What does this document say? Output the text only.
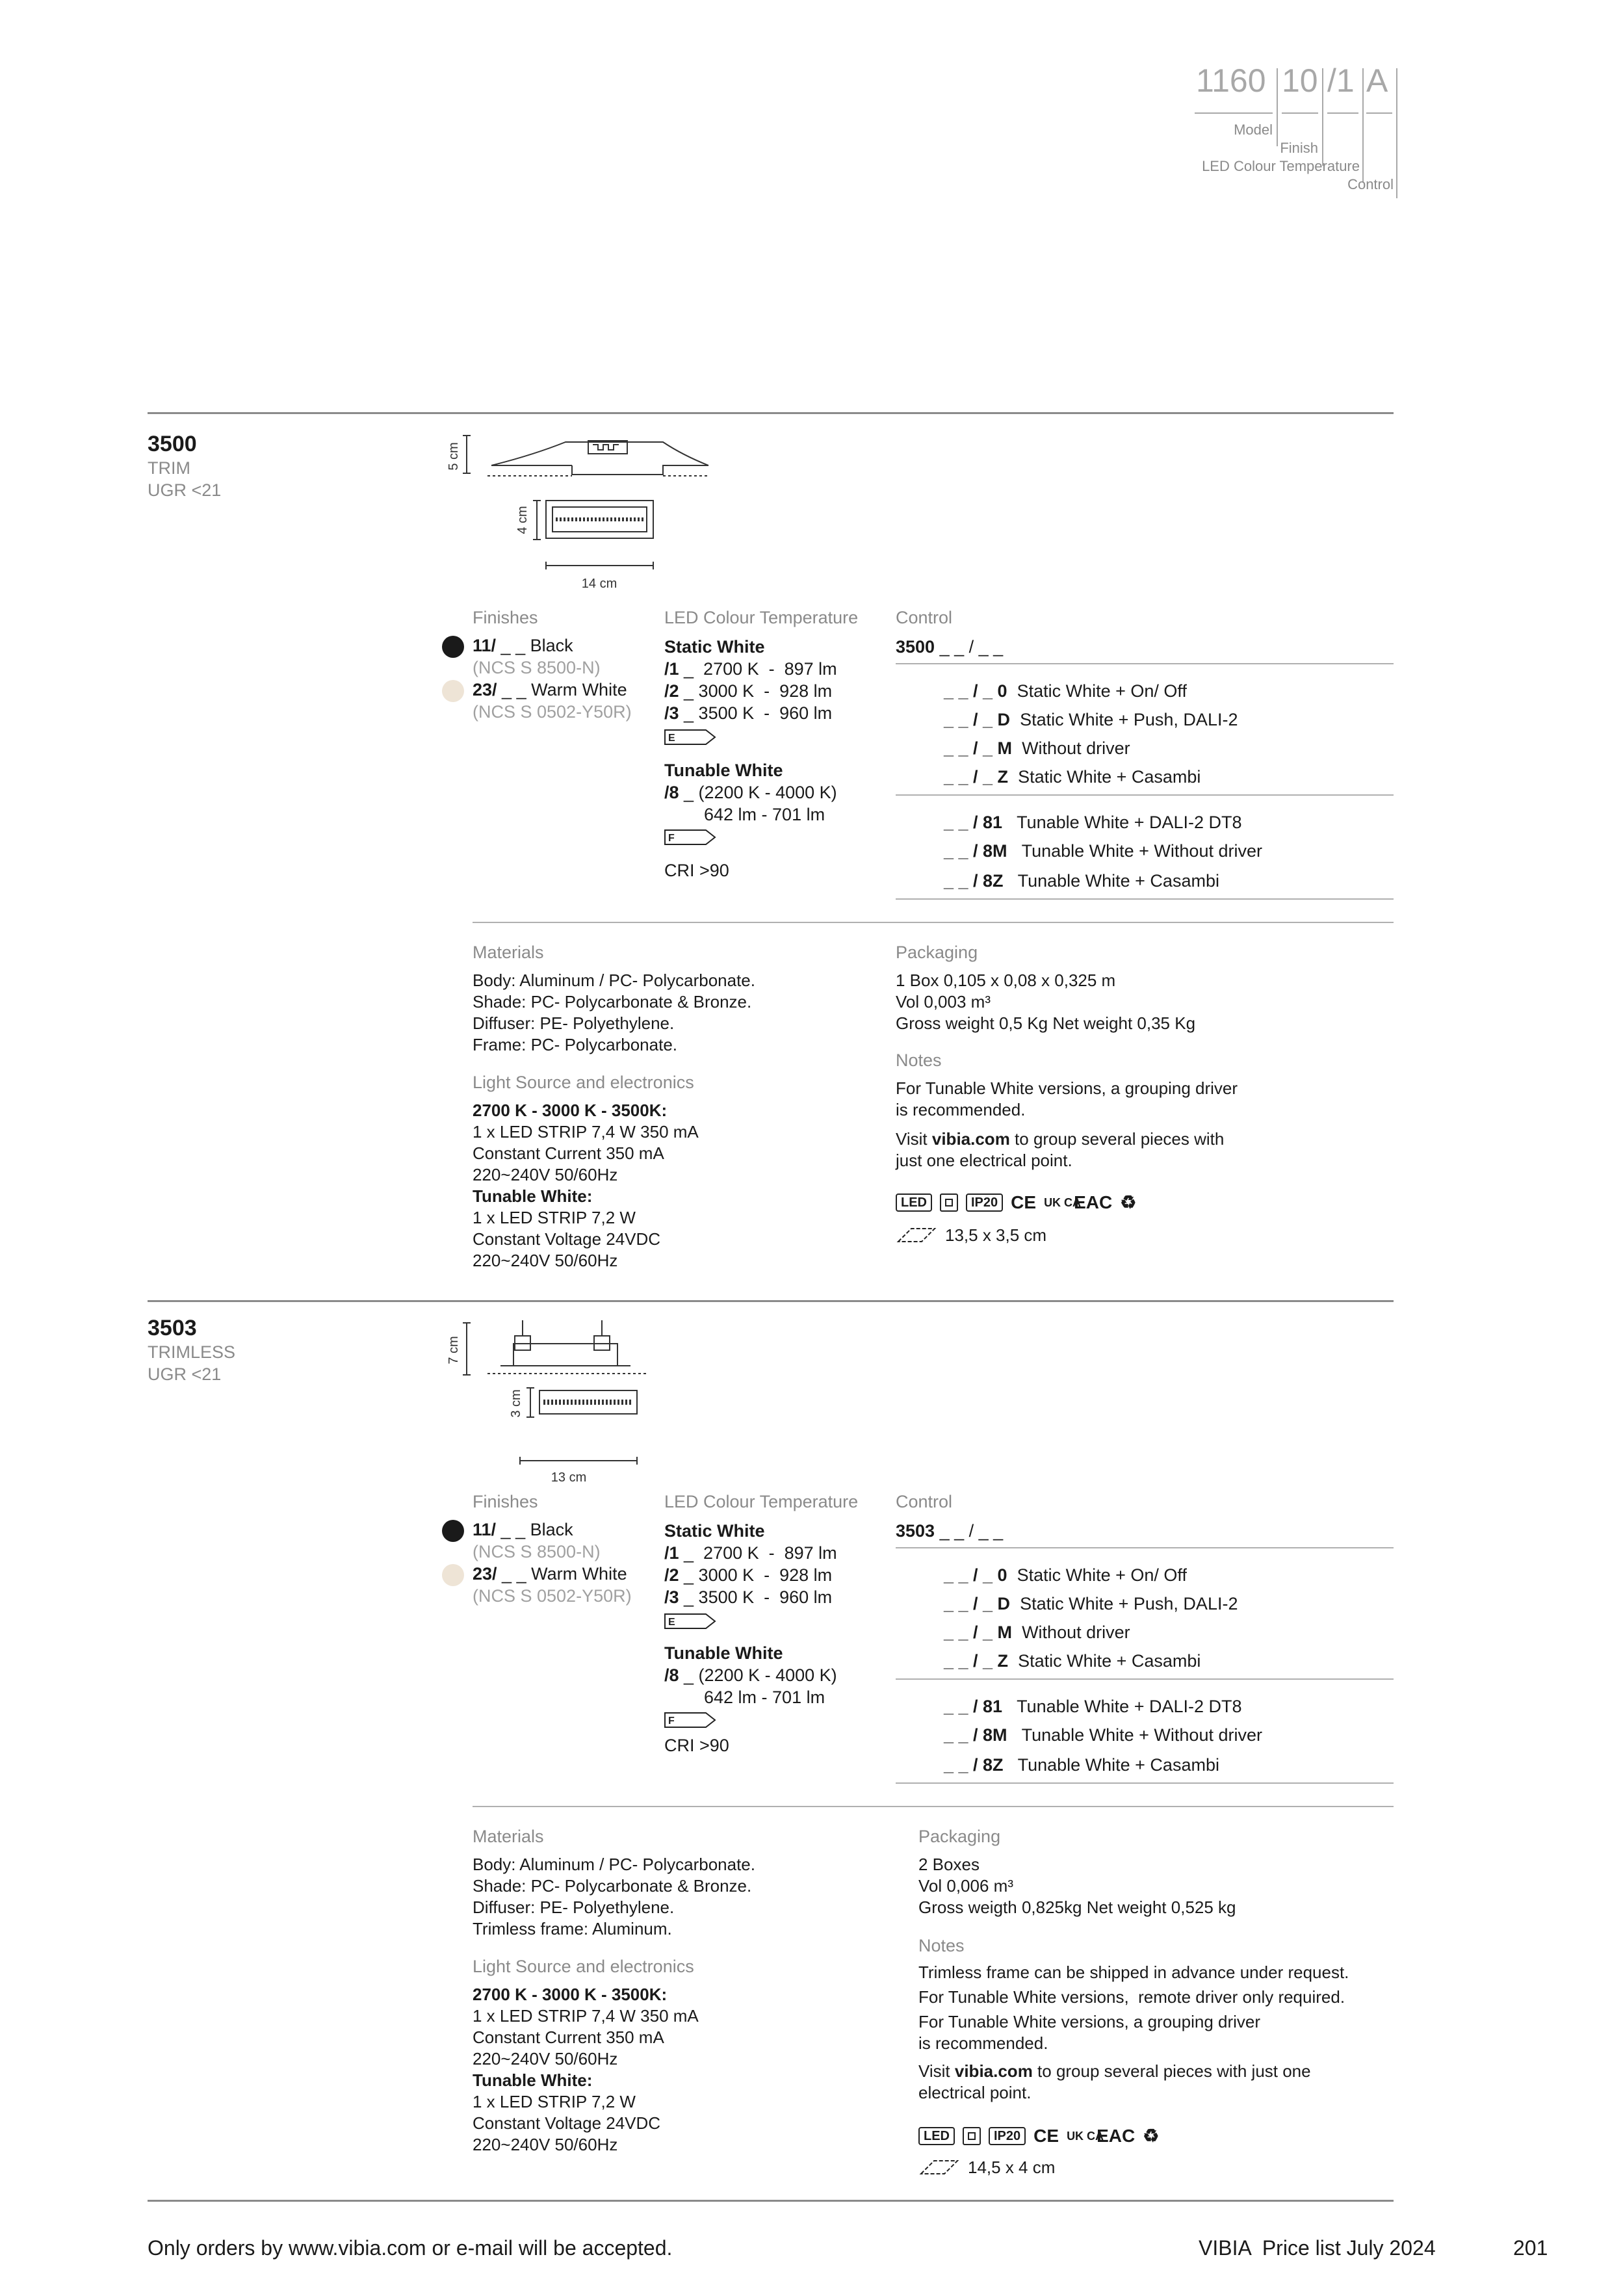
1160 10 /1 A
Model
Finish
LED Colour Temperature
Control
3500
TRIM
UGR <21
5 cm
4 cm
14 cm
Finishes
11/ _ _ Black
(NCS S 8500-N)
23/ _ _ Warm White
(NCS S 0502-Y50R)
LED Colour Temperature
Static White
/1 _  2700 K  -  897 lm
/2 _ 3000 K  -  928 lm
/3 _ 3500 K  -  960 lm
E
Tunable White
/8 _ (2200 K - 4000 K)
642 lm - 701 lm
F
CRI >90
Control
3500 _ _ / _ _
_ _ / _ 0 Static White + On/ Off
_ _ / _ D Static White + Push, DALI-2
_ _ / _ M Without driver
_ _ / _ Z Static White + Casambi
_ _ / 81 Tunable White + DALI-2 DT8
_ _ / 8M Tunable White + Without driver
_ _ / 8Z Tunable White + Casambi
Materials
Body: Aluminum / PC- Polycarbonate.
Shade: PC- Polycarbonate & Bronze.
Diffuser: PE- Polyethylene.
Frame: PC- Polycarbonate.
Light Source and electronics
2700 K - 3000 K - 3500K:
1 x LED STRIP 7,4 W 350 mA
Constant Current 350 mA
220~240V 50/60Hz
Tunable White:
1 x LED STRIP 7,2 W
Constant Voltage 24VDC
220~240V 50/60Hz
Packaging
1 Box 0,105 x 0,08 x 0,325 m
Vol 0,003 m³
Gross weight 0,5 Kg Net weight 0,35 Kg
Notes
For Tunable White versions, a grouping driver
is recommended.
Visit vibia.com to group several pieces with
just one electrical point.
LED	IP20 CE UK CAEAC ♻
13,5 x 3,5 cm
3503
TRIMLESS
UGR <21
7 cm
3 cm
13 cm
Finishes
11/ _ _ Black
(NCS S 8500-N)
23/ _ _ Warm White
(NCS S 0502-Y50R)
LED Colour Temperature
Static White
/1 _  2700 K  -  897 lm
/2 _ 3000 K  -  928 lm
/3 _ 3500 K  -  960 lm
E
Tunable White
/8 _ (2200 K - 4000 K)
642 lm - 701 lm
F
CRI >90
Control
3503 _ _ / _ _
_ _ / _ 0 Static White + On/ Off
_ _ / _ D Static White + Push, DALI-2
_ _ / _ M Without driver
_ _ / _ Z Static White + Casambi
_ _ / 81 Tunable White + DALI-2 DT8
_ _ / 8M Tunable White + Without driver
_ _ / 8Z Tunable White + Casambi
Materials
Body: Aluminum / PC- Polycarbonate.
Shade: PC- Polycarbonate & Bronze.
Diffuser: PE- Polyethylene.
Trimless frame: Aluminum.
Light Source and electronics
2700 K - 3000 K - 3500K:
1 x LED STRIP 7,4 W 350 mA
Constant Current 350 mA
220~240V 50/60Hz
Tunable White:
1 x LED STRIP 7,2 W
Constant Voltage 24VDC
220~240V 50/60Hz
Packaging
2 Boxes
Vol 0,006 m³
Gross weigth 0,825kg Net weight 0,525 kg
Notes
Trimless frame can be shipped in advance under request.
For Tunable White versions,  remote driver only required.
For Tunable White versions, a grouping driver
is recommended.
Visit vibia.com to group several pieces with just one
electrical point.
LED	IP20 CE UK CAEAC ♻
14,5 x 4 cm
Only orders by www.vibia.com or e-mail will be accepted.	VIBIA  Price list July 2024	201
